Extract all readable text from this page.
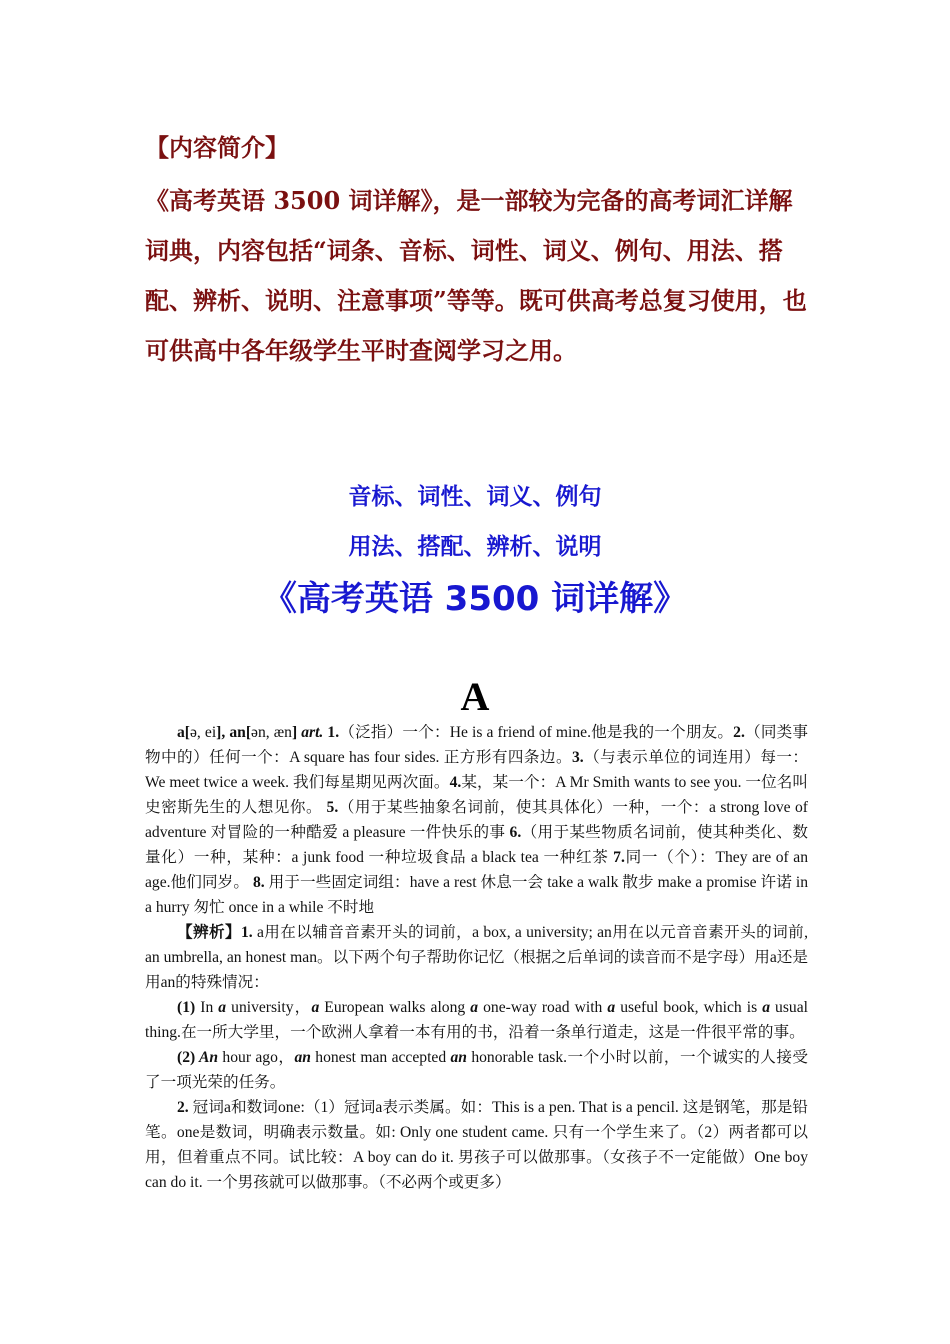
【内容简介】
《高考英语 3500 词详解》，是一部较为完备的高考词汇详解词典，内容包括“词条、音标、词性、词义、例句、用法、搭配、辨析、说明、注意事项”等等。既可供高考总复习使用，也可供高中各年级学生平时查阅学习之用。
音标、词性、词义、例句
用法、搭配、辨析、说明
《高考英语 3500 词详解》
A

a[ə, ei], an[ən, æn] art. 1.（泛指）一个：He is a friend of mine.他是我的一个朋友。2.（同类事物中的）任何一个：A square has four sides. 正方形有四条边。3.（与表示单位的词连用）每一：We meet twice a week. 我们每星期见两次面。4.某，某一个：A Mr Smith wants to see you. 一位名叫史密斯先生的人想见你。 5.（用于某些抽象名词前，使其具体化）一种，一个：a strong love of adventure 对冒险的一种酷爱 a pleasure 一件快乐的事 6.（用于某些物质名词前，使其种类化、数量化）一种，某种：a junk food 一种垃圾食品 a black tea 一种红茶 7.同一（个）：They are of an age.他们同岁。 8. 用于一些固定词组：have a rest 休息一会 take a walk 散步 make a promise 许诺 in a hurry 匆忙 once in a while 不时地

【辨析】1. a用在以辅音音素开头的词前，a box, a university; an用在以元音音素开头的词前, an umbrella, an honest man。以下两个句子帮助你记忆（根据之后单词的读音而不是字母）用a还是用an的特殊情况：

(1) In a university，a European walks along a one-way road with a useful book, which is a usual thing.在一所大学里，一个欧洲人拿着一本有用的书，沿着一条单行道走，这是一件很平常的事。

(2) An hour ago，an honest man accepted an honorable task.一个小时以前，一个诚实的人接受了一项光荣的任务。

2. 冠词a和数词one:（1）冠词a表示类属。如：This is a pen. That is a pencil. 这是钢笔，那是铅笔。one是数词，明确表示数量。如: Only one student came. 只有一个学生来了。（2）两者都可以用，但着重点不同。试比较：A boy can do it. 男孩子可以做那事。（女孩子不一定能做）One boy can do it. 一个男孩就可以做那事。（不必两个或更多）
